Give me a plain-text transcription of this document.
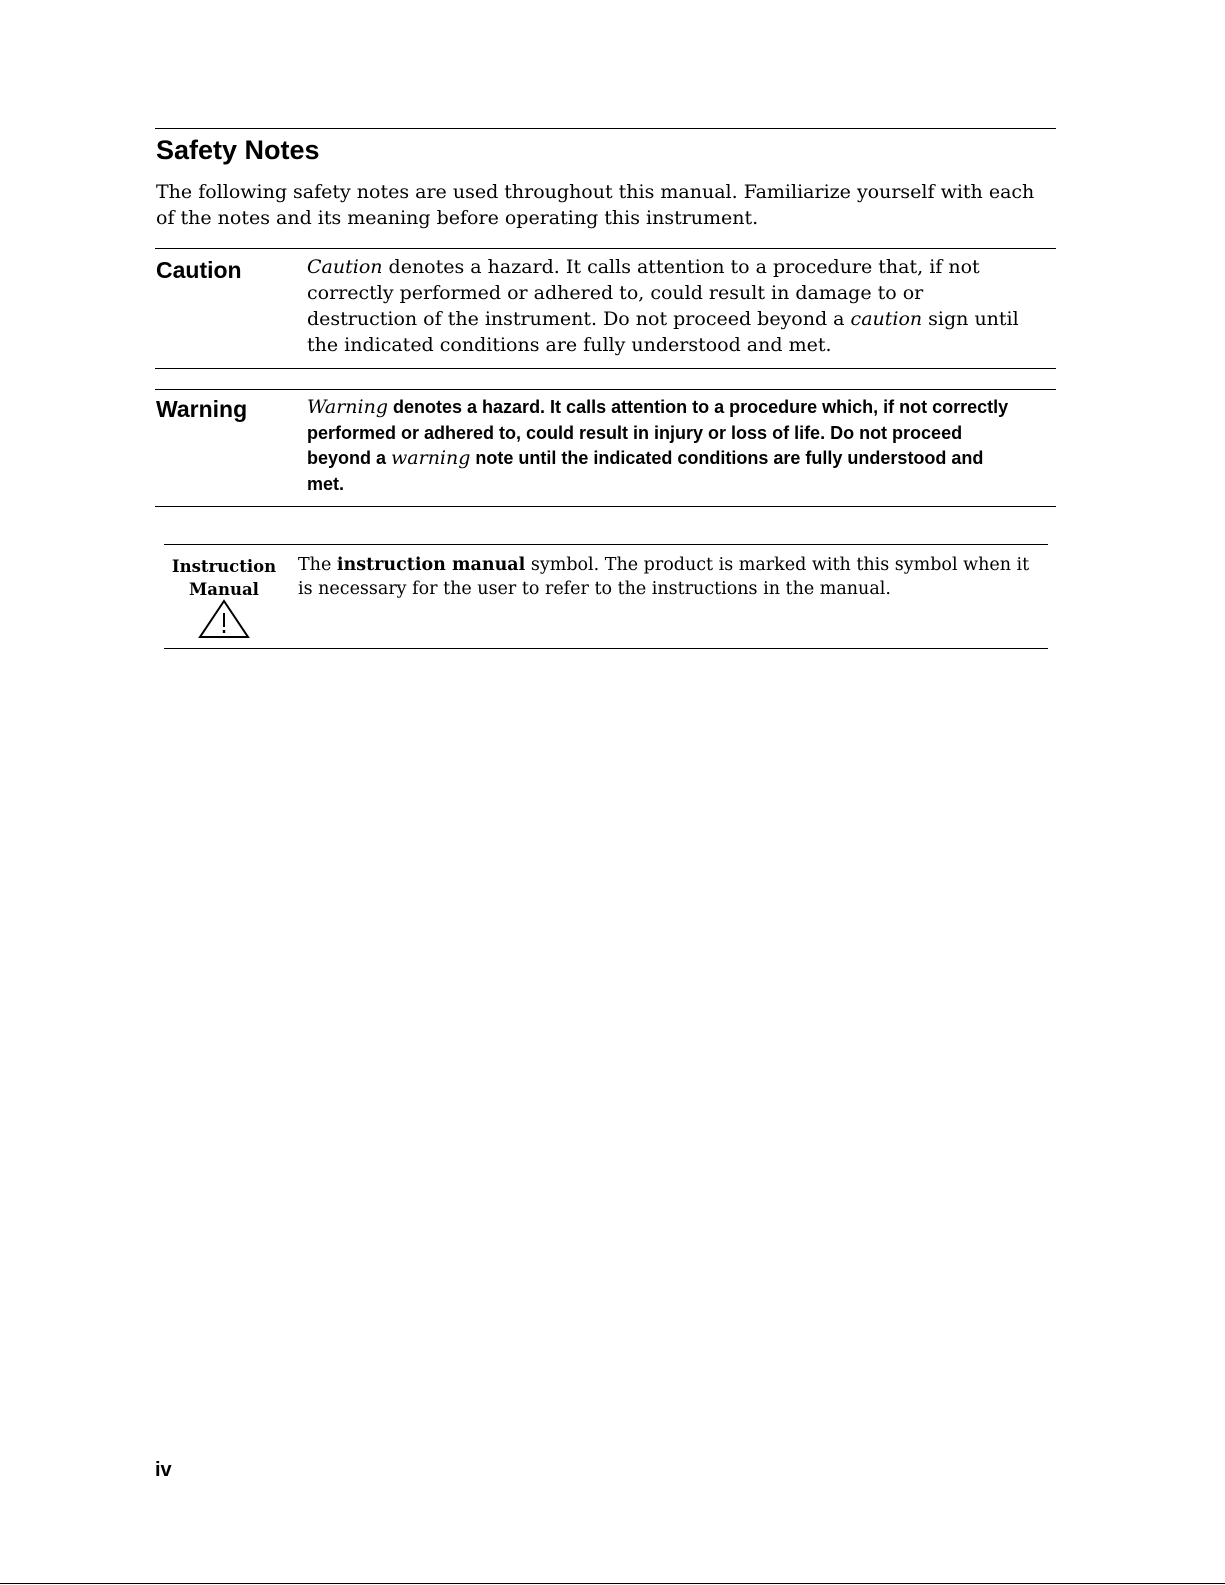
Safety Notes

The following safety notes are used throughout this manual. Familiarize yourself with each of the notes and its meaning before operating this instrument.

Caution	Caution denotes a hazard. It calls attention to a procedure that, if not correctly performed or adhered to, could result in damage to or destruction of the instrument. Do not proceed beyond a caution sign until the indicated conditions are fully understood and met.

Warning	Warning denotes a hazard. It calls attention to a procedure which, if not correctly performed or adhered to, could result in injury or loss of life. Do not proceed beyond a warning note until the indicated conditions are fully understood and met.

Instruction
Manual

The instruction manual symbol. The product is marked with this symbol when it is necessary for the user to refer to the instructions in the manual.

iv
